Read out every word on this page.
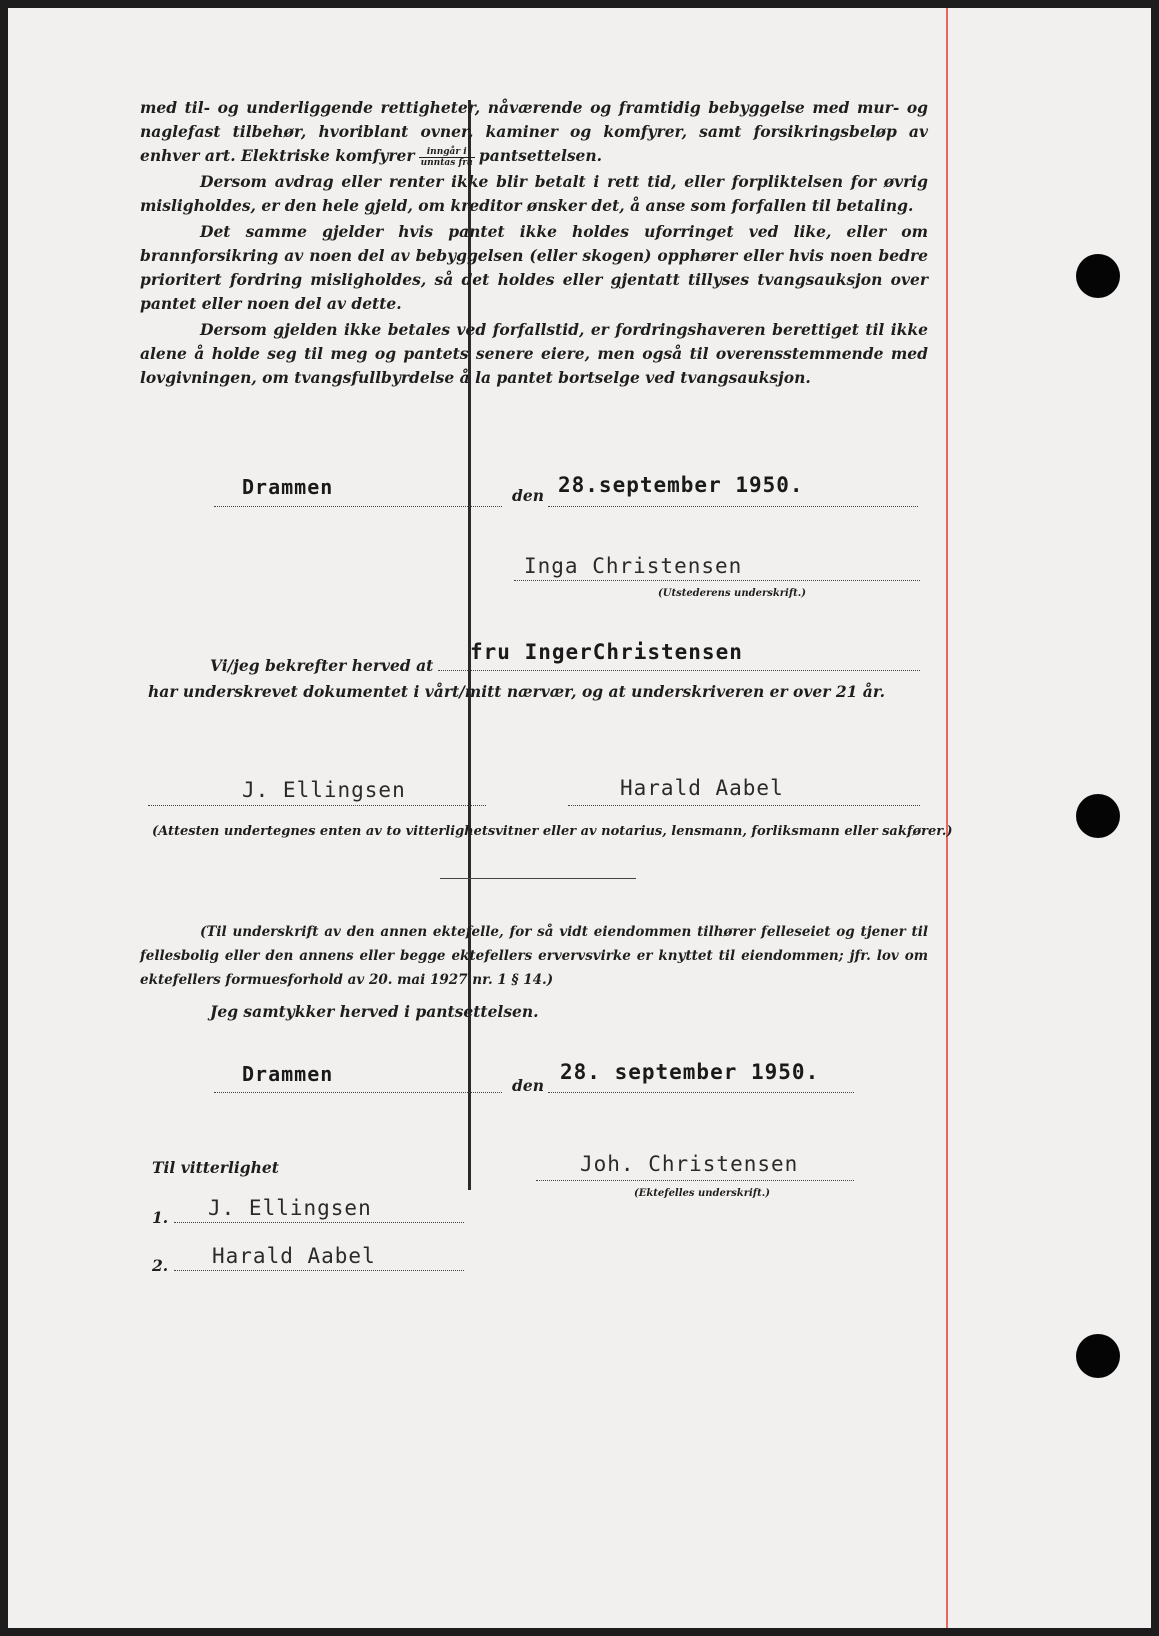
med til- og underliggende rettigheter, nåværende og framtidig bebyggelse med mur- og naglefast tilbehør, hvoriblant ovner, kaminer og komfyrer, samt forsikringsbeløp av enhver art. Elektriske komfyrer $\frac{\text{inngår i}}{\text{unntas fra}}$ pantsettelsen.

Dersom avdrag eller renter ikke blir betalt i rett tid, eller forpliktelsen for øvrig misligholdes, er den hele gjeld, om kreditor ønsker det, å anse som forfallen til betaling.

Det samme gjelder hvis pantet ikke holdes uforringet ved like, eller om brannforsikring av noen del av bebyggelsen (eller skogen) opphører eller hvis noen bedre prioritert fordring misligholdes, så det holdes eller gjentatt tillyses tvangsauksjon over pantet eller noen del av dette.

Dersom gjelden ikke betales ved forfallstid, er fordringshaveren berettiget til ikke alene å holde seg til meg og pantets senere eiere, men også til overensstemmende med lovgivningen, om tvangsfullbyrdelse å la pantet bortselge ved tvangsauksjon.

Drammen	den 28.september 1950.
Inga Christensen
(Utstederens underskrift.)
Vi/jeg bekrefter herved at
fru IngerChristensen
har underskrevet dokumentet i vårt/mitt nærvær, og at underskriveren er over 21 år.
J. Ellingsen	Harald Aabel
(Attesten undertegnes enten av to vitterlighetsvitner eller av notarius, lensmann, forliksmann eller sakfører.)

(Til underskrift av den annen ektefelle, for så vidt eiendommen tilhører felleseiet og tjener til fellesbolig eller den annens eller begge ektefellers ervervsvirke er knyttet til eiendommen; jfr. lov om ektefellers formuesforhold av 20. mai 1927 nr. 1 § 14.)

Jeg samtykker herved i pantsettelsen.
Drammen	den
28. september 1950.
Til vitterlighet	Joh. Christensen
(Ektefelles underskrift.)
1. J. Ellingsen
2. Harald Aabel
